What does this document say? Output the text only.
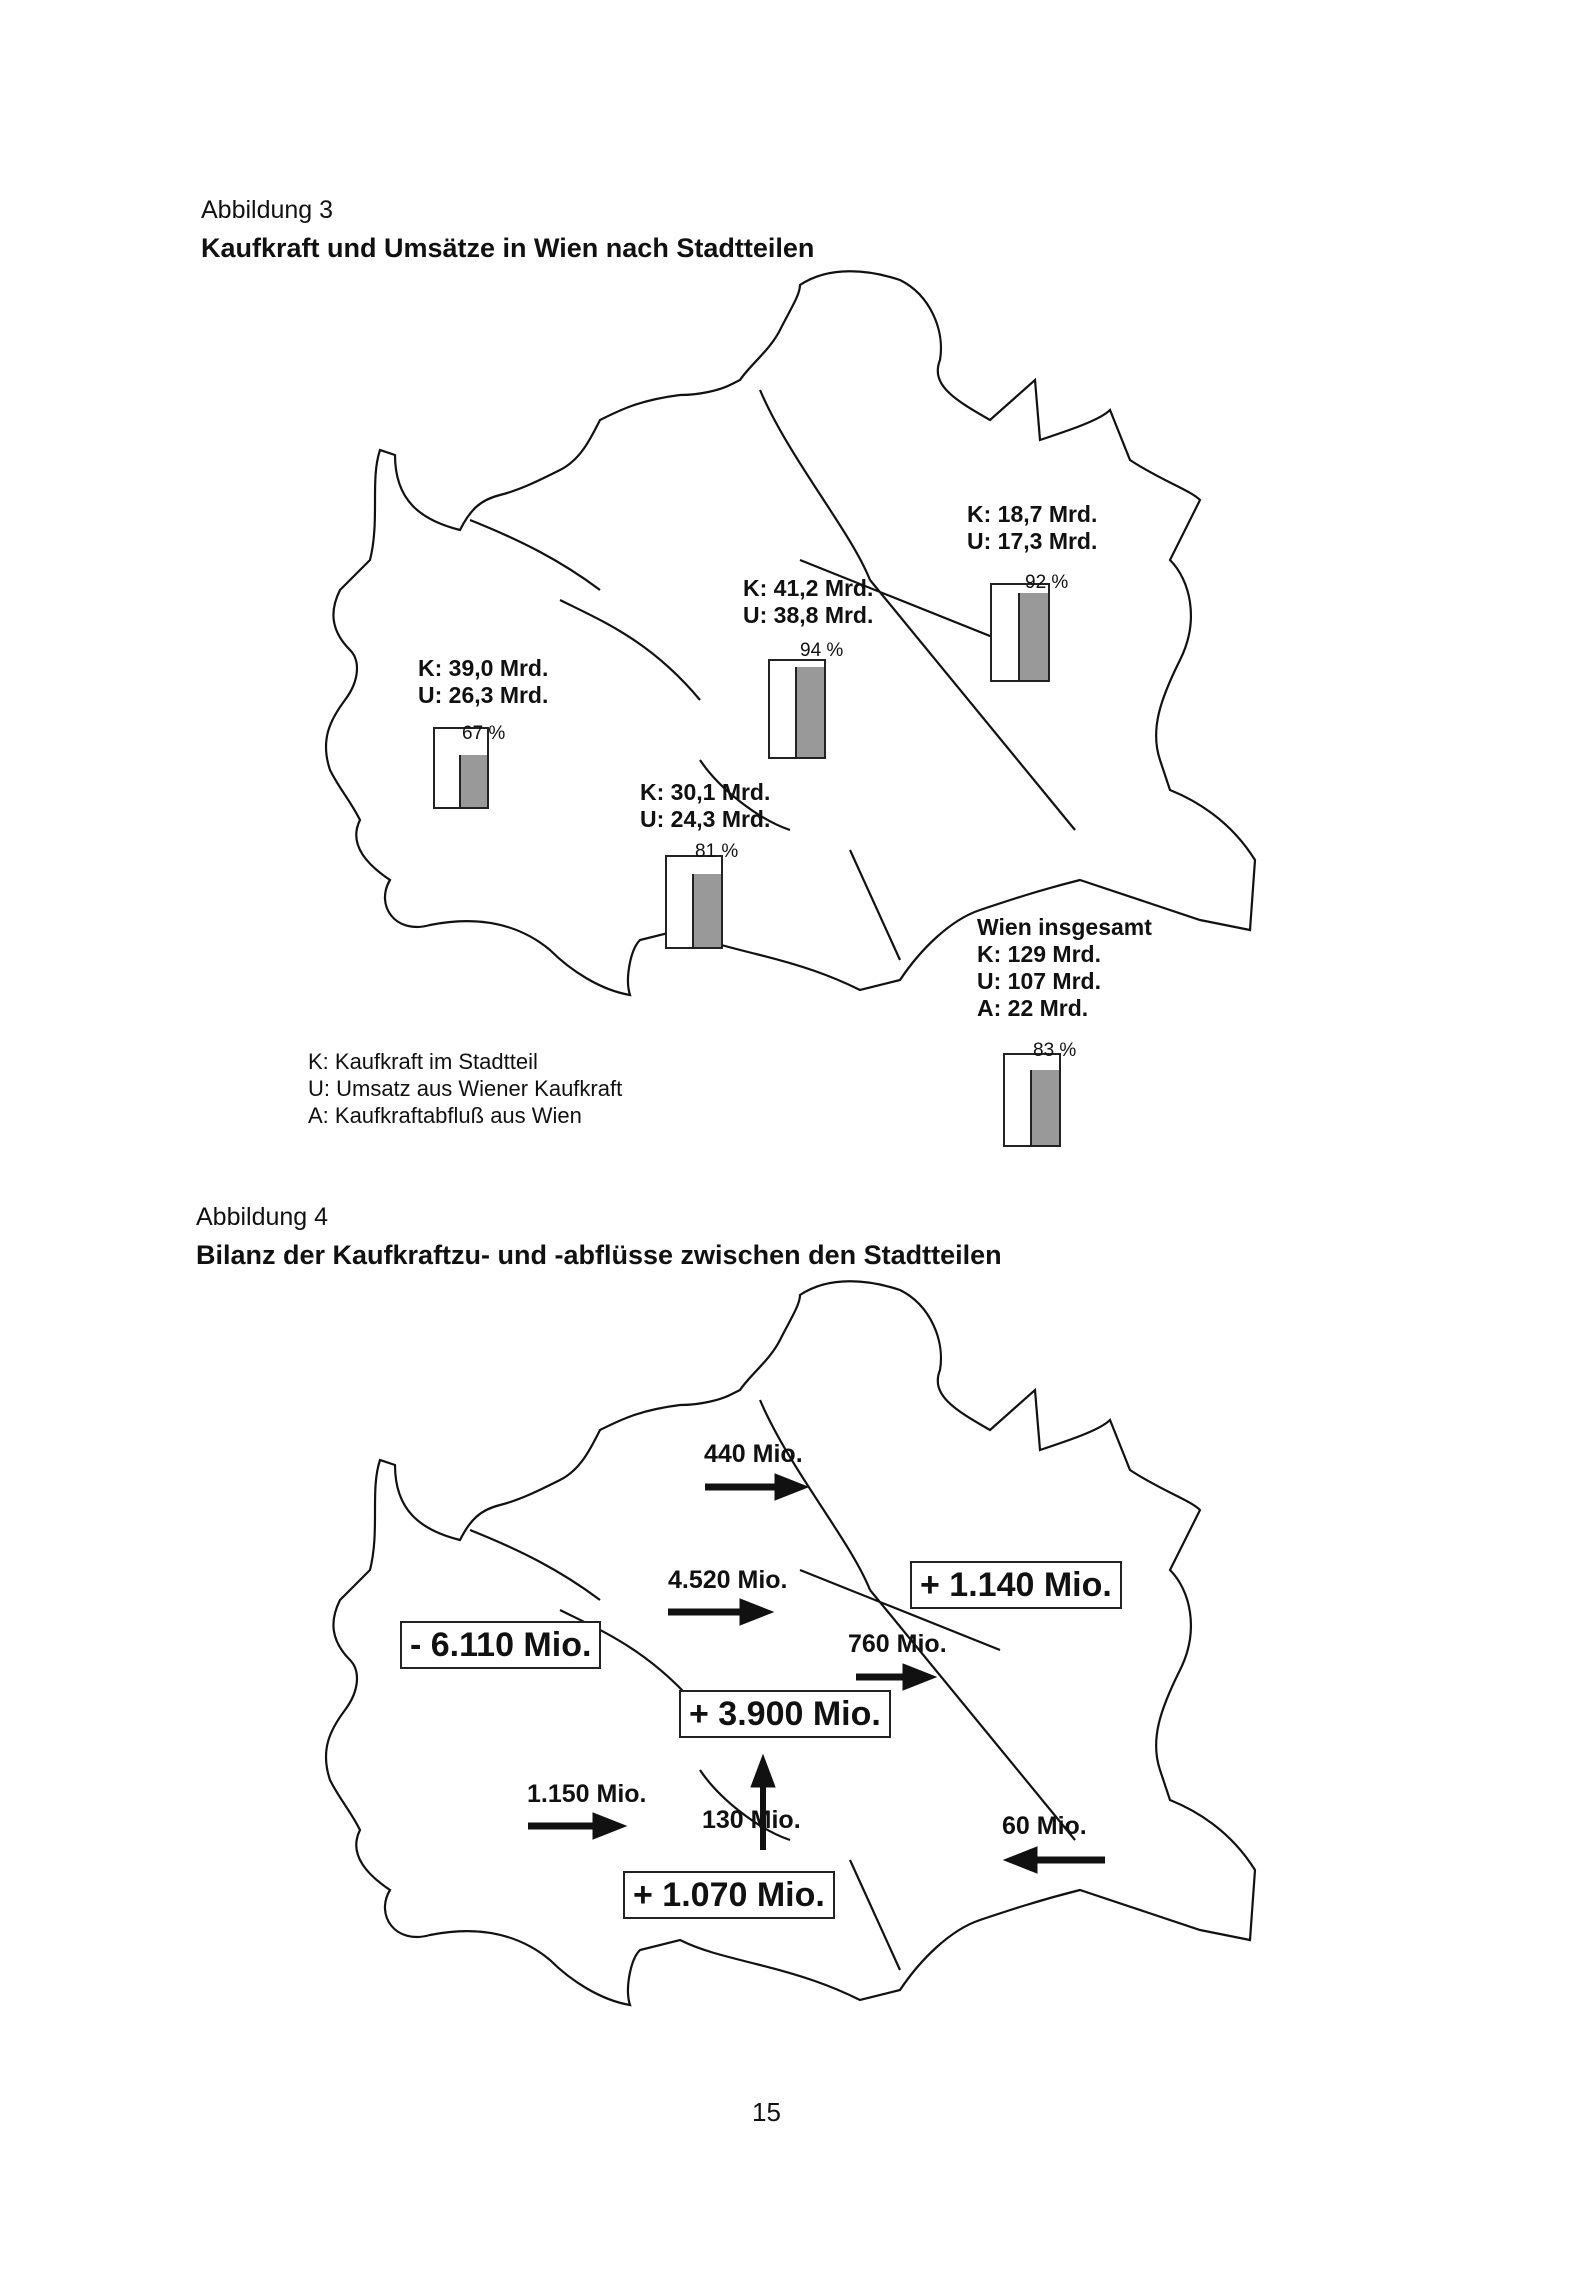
Abbildung 3
Kaufkraft und Umsätze in Wien nach Stadtteilen
K: 39,0 Mrd.
U: 26,3 Mrd.
67 %
K: 41,2 Mrd.
U: 38,8 Mrd.
94 %
K: 18,7 Mrd.
U: 17,3 Mrd.
92 %
K: 30,1 Mrd.
U: 24,3 Mrd.
81 %
Wien insgesamt
K: 129 Mrd.
U: 107 Mrd.
A: 22 Mrd.
83 %
K: Kaufkraft im Stadtteil
U: Umsatz aus Wiener Kaufkraft
A: Kaufkraftabfluß aus Wien
Abbildung 4
Bilanz der Kaufkraftzu- und -abflüsse zwischen den Stadtteilen
440 Mio.
4.520 Mio.
760 Mio.
1.150 Mio.
130 Mio.	60 Mio.
- 6.110 Mio.
+ 3.900 Mio.
+ 1.140 Mio.
+ 1.070 Mio.
15
